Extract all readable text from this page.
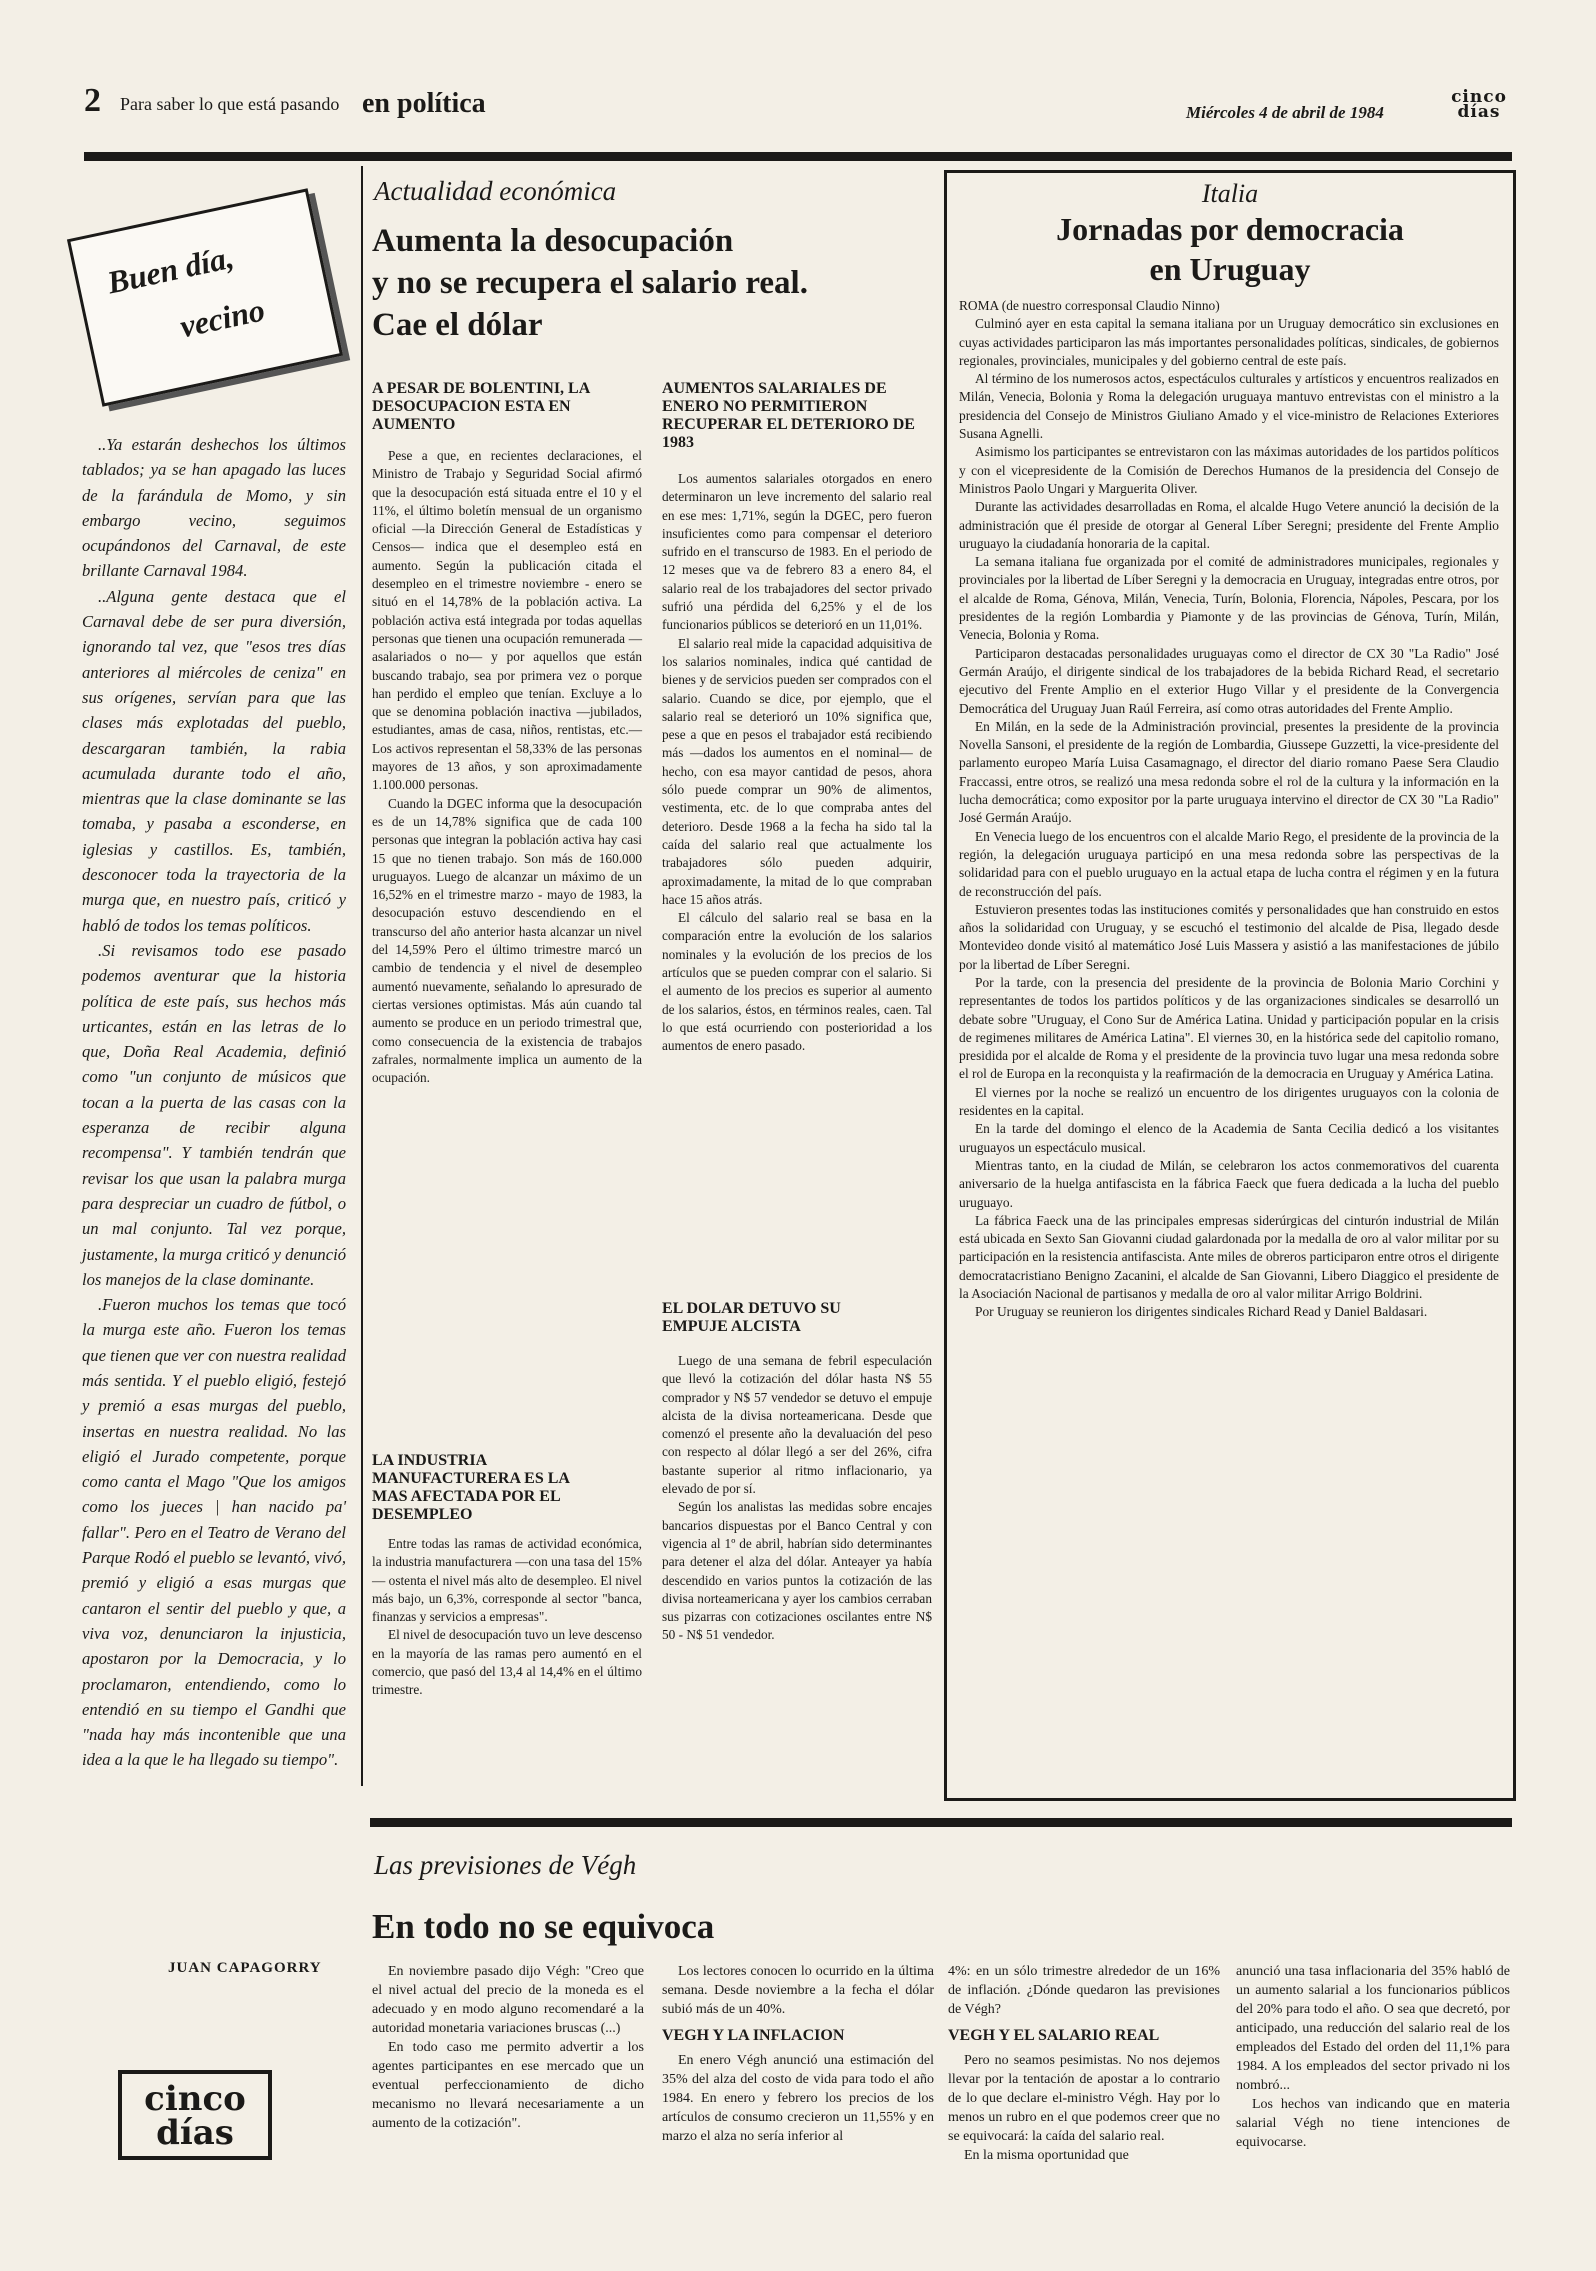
2 Para saber lo que está pasando en política	Miércoles 4 de abril de 1984
cinco días
Buen día,
vecino

..Ya estarán deshechos los últimos tablados; ya se han apagado las luces de la farándula de Momo, y sin embargo vecino, seguimos ocupándonos del Carnaval, de este brillante Carnaval 1984.

..Alguna gente destaca que el Carnaval debe de ser pura diversión, ignorando tal vez, que "esos tres días anteriores al miércoles de ceniza" en sus orígenes, servían para que las clases más explotadas del pueblo, descargaran también, la rabia acumulada durante todo el año, mientras que la clase dominante se las tomaba, y pasaba a esconderse, en iglesias y castillos. Es, también, desconocer toda la trayectoria de la murga que, en nuestro país, criticó y habló de todos los temas políticos.

.Si revisamos todo ese pasado podemos aventurar que la historia política de este país, sus hechos más urticantes, están en las letras de lo que, Doña Real Academia, definió como "un conjunto de músicos que tocan a la puerta de las casas con la esperanza de recibir alguna recompensa". Y también tendrán que revisar los que usan la palabra murga para despreciar un cuadro de fútbol, o un mal conjunto. Tal vez porque, justamente, la murga criticó y denunció los manejos de la clase dominante.

.Fueron muchos los temas que tocó la murga este año. Fueron los temas que tienen que ver con nuestra realidad más sentida. Y el pueblo eligió, festejó y premió a esas murgas del pueblo, insertas en nuestra realidad. No las eligió el Jurado competente, porque como canta el Mago "Que los amigos como los jueces | han nacido pa' fallar". Pero en el Teatro de Verano del Parque Rodó el pueblo se levantó, vivó, premió y eligió a esas murgas que cantaron el sentir del pueblo y que, a viva voz, denunciaron la injusticia, apostaron por la Democracia, y lo proclamaron, entendiendo, como lo entendió en su tiempo el Gandhi que "nada hay más incontenible que una idea a la que le ha llegado su tiempo".

JUAN CAPAGORRY
cinco días
Actualidad económica
Aumenta la desocupación
y no se recupera el salario real.
Cae el dólar
A PESAR DE BOLENTINI, LA DESOCUPACION ESTA EN AUMENTO

Pese a que, en recientes declaraciones, el Ministro de Trabajo y Seguridad Social afirmó que la desocupación está situada entre el 10 y el 11%, el último boletín mensual de un organismo oficial —la Dirección General de Estadísticas y Censos— indica que el desempleo está en aumento. Según la publicación citada el desempleo en el trimestre noviembre - enero se situó en el 14,78% de la población activa. La población activa está integrada por todas aquellas personas que tienen una ocupación remunerada — asalariados o no— y por aquellos que están buscando trabajo, sea por primera vez o porque han perdido el empleo que tenían. Excluye a lo que se denomina población inactiva —jubilados, estudiantes, amas de casa, niños, rentistas, etc.— Los activos representan el 58,33% de las personas mayores de 13 años, y son aproximadamente 1.100.000 personas.

Cuando la DGEC informa que la desocupación es de un 14,78% significa que de cada 100 personas que integran la población activa hay casi 15 que no tienen trabajo. Son más de 160.000 uruguayos. Luego de alcanzar un máximo de un 16,52% en el trimestre marzo - mayo de 1983, la desocupación estuvo descendiendo en el transcurso del año anterior hasta alcanzar un nivel del 14,59% Pero el último trimestre marcó un cambio de tendencia y el nivel de desempleo aumentó nuevamente, señalando lo apresurado de ciertas versiones optimistas. Más aún cuando tal aumento se produce en un periodo trimestral que, como consecuencia de la existencia de trabajos zafrales, normalmente implica un aumento de la ocupación.

LA INDUSTRIA MANUFACTURERA ES LA MAS AFECTADA POR EL DESEMPLEO

Entre todas las ramas de actividad económica, la industria manufacturera —con una tasa del 15%— ostenta el nivel más alto de desempleo. El nivel más bajo, un 6,3%, corresponde al sector "banca, finanzas y servicios a empresas".

El nivel de desocupación tuvo un leve descenso en la mayoría de las ramas pero aumentó en el comercio, que pasó del 13,4 al 14,4% en el último trimestre.

AUMENTOS SALARIALES DE ENERO NO PERMITIERON RECUPERAR EL DETERIORO DE 1983

Los aumentos salariales otorgados en enero determinaron un leve incremento del salario real en ese mes: 1,71%, según la DGEC, pero fueron insuficientes como para compensar el deterioro sufrido en el transcurso de 1983. En el periodo de 12 meses que va de febrero 83 a enero 84, el salario real de los trabajadores del sector privado sufrió una pérdida del 6,25% y el de los funcionarios públicos se deterioró en un 11,01%.

El salario real mide la capacidad adquisitiva de los salarios nominales, indica qué cantidad de bienes y de servicios pueden ser comprados con el salario. Cuando se dice, por ejemplo, que el salario real se deterioró un 10% significa que, pese a que en pesos el trabajador está recibiendo más —dados los aumentos en el nominal— de hecho, con esa mayor cantidad de pesos, ahora sólo puede comprar un 90% de alimentos, vestimenta, etc. de lo que compraba antes del deterioro. Desde 1968 a la fecha ha sido tal la caída del salario real que actualmente los trabajadores sólo pueden adquirir, aproximadamente, la mitad de lo que compraban hace 15 años atrás.

El cálculo del salario real se basa en la comparación entre la evolución de los salarios nominales y la evolución de los precios de los artículos que se pueden comprar con el salario. Si el aumento de los precios es superior al aumento de los salarios, éstos, en términos reales, caen. Tal lo que está ocurriendo con posterioridad a los aumentos de enero pasado.

EL DOLAR DETUVO SU EMPUJE ALCISTA

Luego de una semana de febril especulación que llevó la cotización del dólar hasta N$ 55 comprador y N$ 57 vendedor se detuvo el empuje alcista de la divisa norteamericana. Desde que comenzó el presente año la devaluación del peso con respecto al dólar llegó a ser del 26%, cifra bastante superior al ritmo inflacionario, ya elevado de por sí.

Según los analistas las medidas sobre encajes bancarios dispuestas por el Banco Central y con vigencia al 1º de abril, habrían sido determinantes para detener el alza del dólar. Anteayer ya había descendido en varios puntos la cotización de las divisa norteamericana y ayer los cambios cerraban sus pizarras con cotizaciones oscilantes entre N$ 50 - N$ 51 vendedor.

Italia
Jornadas por democracia
en Uruguay
ROMA (de nuestro corresponsal Claudio Ninno)

Culminó ayer en esta capital la semana italiana por un Uruguay democrático sin exclusiones en cuyas actividades participaron las más importantes personalidades políticas, sindicales, de gobiernos regionales, provinciales, municipales y del gobierno central de este país.

Al término de los numerosos actos, espectáculos culturales y artísticos y encuentros realizados en Milán, Venecia, Bolonia y Roma la delegación uruguaya mantuvo entrevistas con el ministro a la presidencia del Consejo de Ministros Giuliano Amado y el vice-ministro de Relaciones Exteriores Susana Agnelli.

Asimismo los participantes se entrevistaron con las máximas autoridades de los partidos políticos y con el vicepresidente de la Comisión de Derechos Humanos de la presidencia del Consejo de Ministros Paolo Ungari y Marguerita Oliver.

Durante las actividades desarrolladas en Roma, el alcalde Hugo Vetere anunció la decisión de la administración que él preside de otorgar al General Líber Seregni; presidente del Frente Amplio uruguayo la ciudadanía honoraria de la capital.

La semana italiana fue organizada por el comité de administradores municipales, regionales y provinciales por la libertad de Líber Seregni y la democracia en Uruguay, integradas entre otros, por el alcalde de Roma, Génova, Milán, Venecia, Turín, Bolonia, Florencia, Nápoles, Pescara, por los presidentes de la región Lombardia y Piamonte y de las provincias de Génova, Turín, Milán, Venecia, Bolonia y Roma.

Participaron destacadas personalidades uruguayas como el director de CX 30 "La Radio" José Germán Araújo, el dirigente sindical de los trabajadores de la bebida Richard Read, el secretario ejecutivo del Frente Amplio en el exterior Hugo Villar y el presidente de la Convergencia Democrática del Uruguay Juan Raúl Ferreira, así como otras autoridades del Frente Amplio.

En Milán, en la sede de la Administración provincial, presentes la presidente de la provincia Novella Sansoni, el presidente de la región de Lombardia, Giussepe Guzzetti, la vice-presidente del parlamento europeo María Luisa Casamagnago, el director del diario romano Paese Sera Claudio Fraccassi, entre otros, se realizó una mesa redonda sobre el rol de la cultura y la información en la lucha democrática; como expositor por la parte uruguaya intervino el director de CX 30 "La Radio" José Germán Araújo.

En Venecia luego de los encuentros con el alcalde Mario Rego, el presidente de la provincia de la región, la delegación uruguaya participó en una mesa redonda sobre las perspectivas de la solidaridad para con el pueblo uruguayo en la actual etapa de lucha contra el régimen y en la futura de reconstrucción del país.

Estuvieron presentes todas las instituciones comités y personalidades que han construido en estos años la solidaridad con Uruguay, y se escuchó el testimonio del alcalde de Pisa, llegado desde Montevideo donde visitó al matemático José Luis Massera y asistió a las manifestaciones de júbilo por la libertad de Líber Seregni.

Por la tarde, con la presencia del presidente de la provincia de Bolonia Mario Corchini y representantes de todos los partidos políticos y de las organizaciones sindicales se desarrolló un debate sobre "Uruguay, el Cono Sur de América Latina. Unidad y participación popular en la crisis de regimenes militares de América Latina". El viernes 30, en la histórica sede del capitolio romano, presidida por el alcalde de Roma y el presidente de la provincia tuvo lugar una mesa redonda sobre el rol de Europa en la reconquista y la reafirmación de la democracia en Uruguay y América Latina.

El viernes por la noche se realizó un encuentro de los dirigentes uruguayos con la colonia de residentes en la capital.

En la tarde del domingo el elenco de la Academia de Santa Cecilia dedicó a los visitantes uruguayos un espectáculo musical.

Mientras tanto, en la ciudad de Milán, se celebraron los actos conmemorativos del cuarenta aniversario de la huelga antifascista en la fábrica Faeck que fuera dedicada a la lucha del pueblo uruguayo.

La fábrica Faeck una de las principales empresas siderúrgicas del cinturón industrial de Milán está ubicada en Sexto San Giovanni ciudad galardonada por la medalla de oro al valor militar por su participación en la resistencia antifascista. Ante miles de obreros participaron entre otros el dirigente democratacristiano Benigno Zacanini, el alcalde de San Giovanni, Libero Diaggico el presidente de la Asociación Nacional de partisanos y medalla de oro al valor militar Arrigo Boldrini.

Por Uruguay se reunieron los dirigentes sindicales Richard Read y Daniel Baldasari.

Las previsiones de Végh
En todo no se equivoca

En noviembre pasado dijo Végh: "Creo que el nivel actual del precio de la moneda es el adecuado y en modo alguno recomendaré a la autoridad monetaria variaciones bruscas (...)

En todo caso me permito advertir a los agentes participantes en ese mercado que un eventual perfeccionamiento de dicho mecanismo no llevará necesariamente a un aumento de la cotización".

Los lectores conocen lo ocurrido en la última semana. Desde noviembre a la fecha el dólar subió más de un 40%.

VEGH Y LA INFLACION

En enero Végh anunció una estimación del 35% del alza del costo de vida para todo el año 1984. En enero y febrero los precios de los artículos de consumo crecieron un 11,55% y en marzo el alza no sería inferior al

4%: en un sólo trimestre alrededor de un 16% de inflación. ¿Dónde quedaron las previsiones de Végh?

VEGH Y EL SALARIO REAL

Pero no seamos pesimistas. No nos dejemos llevar por la tentación de apostar a lo contrario de lo que declare el-ministro Végh. Hay por lo menos un rubro en el que podemos creer que no se equivocará: la caída del salario real.

En la misma oportunidad que

anunció una tasa inflacionaria del 35% habló de un aumento salarial a los funcionarios públicos del 20% para todo el año. O sea que decretó, por anticipado, una reducción del salario real de los empleados del Estado del orden del 11,1% para 1984. A los empleados del sector privado ni los nombró...

Los hechos van indicando que en materia salarial Végh no tiene intenciones de equivocarse.
